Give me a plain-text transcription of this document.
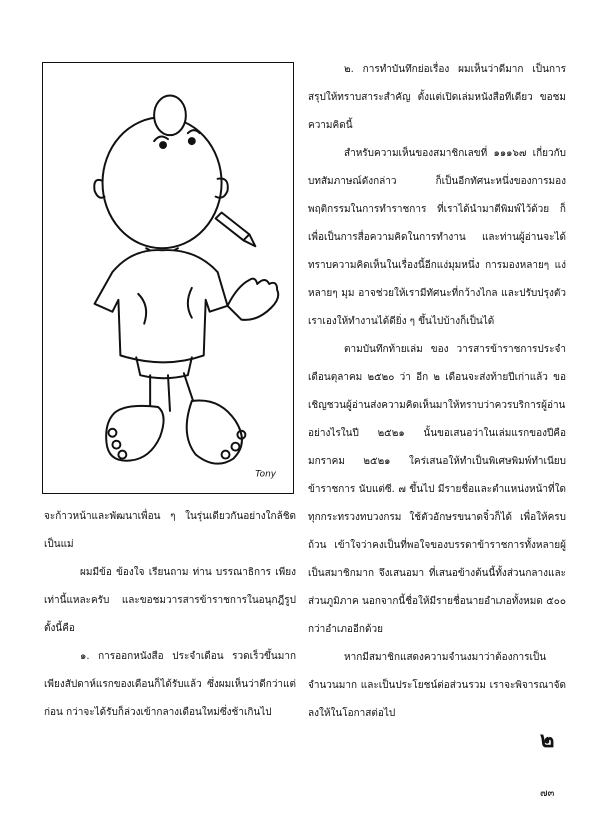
Tony

จะก้าวหน้าและพัฒนาเพื่อน ๆ ในรุ่นเดียวกันอย่างใกล้ชิดเป็นแม่

ผมมีข้อ ข้องใจ เรียนถาม ท่าน บรรณาธิการ เพียงเท่านี้แหละครับ และขอชมวารสารข้าราชการในอนุกฎีรูปตั้งนี้คือ

๑. การออกหนังสือ ประจำเดือน รวดเร็วขึ้นมาก เพียงสัปดาห์แรกของเดือนก็ได้รับแล้ว ซึ่งผมเห็นว่าดีกว่าแต่ก่อน กว่าจะได้รับก็ล่วงเข้ากลางเดือนใหม่ซึ่งช้าเกินไป

๒. การทำบันทึกย่อเรื่อง ผมเห็นว่าดีมาก เป็นการสรุปให้ทราบสาระสำคัญ ตั้งแต่เปิดเล่มหนังสือทีเดียว ขอชมความคิดนี้

สำหรับความเห็นของสมาชิกเลขที่ ๑๑๑๖๗ เกี่ยวกับบทสัมภาษณ์ดังกล่าว ก็เป็นอีกทัศนะหนึ่งของการมองพฤติกรรมในการทำราชการ ที่เราได้นำมาตีพิมพ์ไว้ด้วย ก็เพื่อเป็นการสื่อความคิดในการทำงาน และท่านผู้อ่านจะได้ทราบความคิดเห็นในเรื่องนี้อีกแง่มุมหนึ่ง การมองหลายๆ แง่ หลายๆ มุม อาจช่วยให้เรามีทัศนะที่กว้างไกล และปรับปรุงตัวเราเองให้ทำงานได้ดียิ่ง ๆ ขึ้นไปบ้างก็เป็นได้

ตามบันทึกท้ายเล่ม ของ วารสารข้าราชการประจำเดือนตุลาคม ๒๕๒๐ ว่า อีก ๒ เดือนจะส่งท้ายปีเก่าแล้ว ขอเชิญชวนผู้อ่านส่งความคิดเห็นมาให้ทราบว่าควรบริการผู้อ่านอย่างไรในปี ๒๕๒๑ นั้นขอเสนอว่าในเล่มแรกของปีคือมกราคม ๒๕๒๑ ใคร่เสนอให้ทำเป็นพิเศษพิมพ์ทำเนียบข้าราชการ นับแต่ซี. ๗ ขึ้นไป มีรายชื่อและตำแหน่งหน้าที่ใด ทุกกระทรวงทบวงกรม ใช้ตัวอักษรขนาดจิ๋วก็ได้ เพื่อให้ครบถ้วน เข้าใจว่าคงเป็นที่พอใจของบรรดาข้าราชการทั้งหลายผู้เป็นสมาชิกมาก จึงเสนอมา ที่เสนอข้างต้นนี้ทั้งส่วนกลางและส่วนภูมิภาค นอกจากนี้ชื่อให้มีรายชื่อนายอำเภอทั้งหมด ๕๐๐ กว่าอำเภออีกด้วย

หากมีสมาชิกแสดงความจำนงมาว่าต้องการเป็นจำนวนมาก และเป็นประโยชน์ต่อส่วนรวม เราจะพิจารณาจัดลงให้ในโอกาสต่อไป

๒
๗๓
